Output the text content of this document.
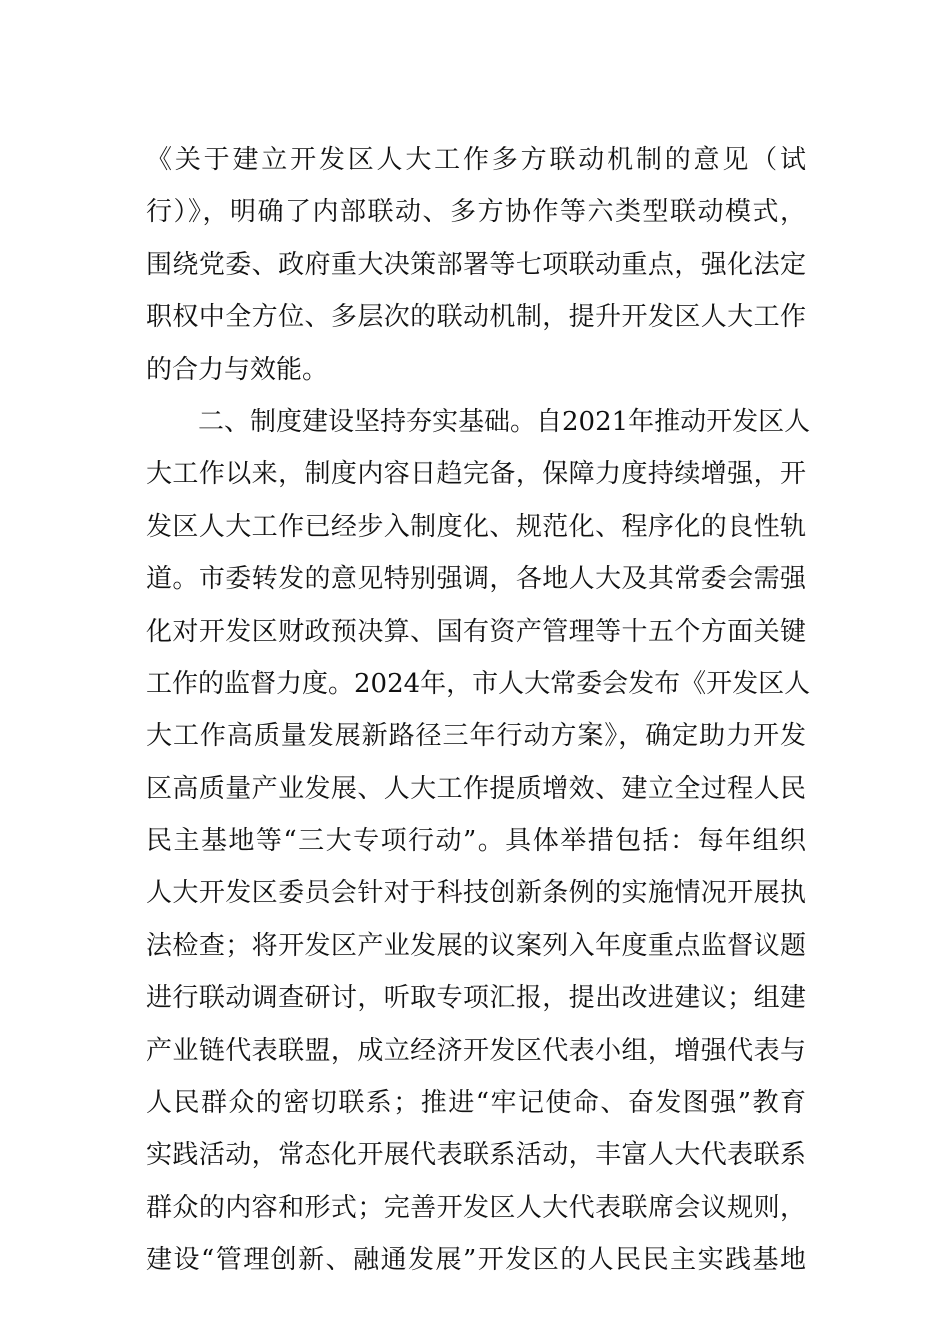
《关于建立开发区人大工作多方联动机制的意见（试
行）》，明确了内部联动、多方协作等六类型联动模式，
围绕党委、政府重大决策部署等七项联动重点，强化法定
职权中全方位、多层次的联动机制，提升开发区人大工作
的合力与效能。
二、制度建设坚持夯实基础。自2021年推动开发区人
大工作以来，制度内容日趋完备，保障力度持续增强，开
发区人大工作已经步入制度化、规范化、程序化的良性轨
道。市委转发的意见特别强调，各地人大及其常委会需强
化对开发区财政预决算、国有资产管理等十五个方面关键
工作的监督力度。2024年，市人大常委会发布《开发区人
大工作高质量发展新路径三年行动方案》，确定助力开发
区高质量产业发展、人大工作提质增效、建立全过程人民
民主基地等“三大专项行动”。具体举措包括：每年组织
人大开发区委员会针对于科技创新条例的实施情况开展执
法检查；将开发区产业发展的议案列入年度重点监督议题
进行联动调查研讨，听取专项汇报，提出改进建议；组建
产业链代表联盟，成立经济开发区代表小组，增强代表与
人民群众的密切联系；推进“牢记使命、奋发图强”教育
实践活动，常态化开展代表联系活动，丰富人大代表联系
群众的内容和形式；完善开发区人大代表联席会议规则，
建设“管理创新、融通发展”开发区的人民民主实践基地
